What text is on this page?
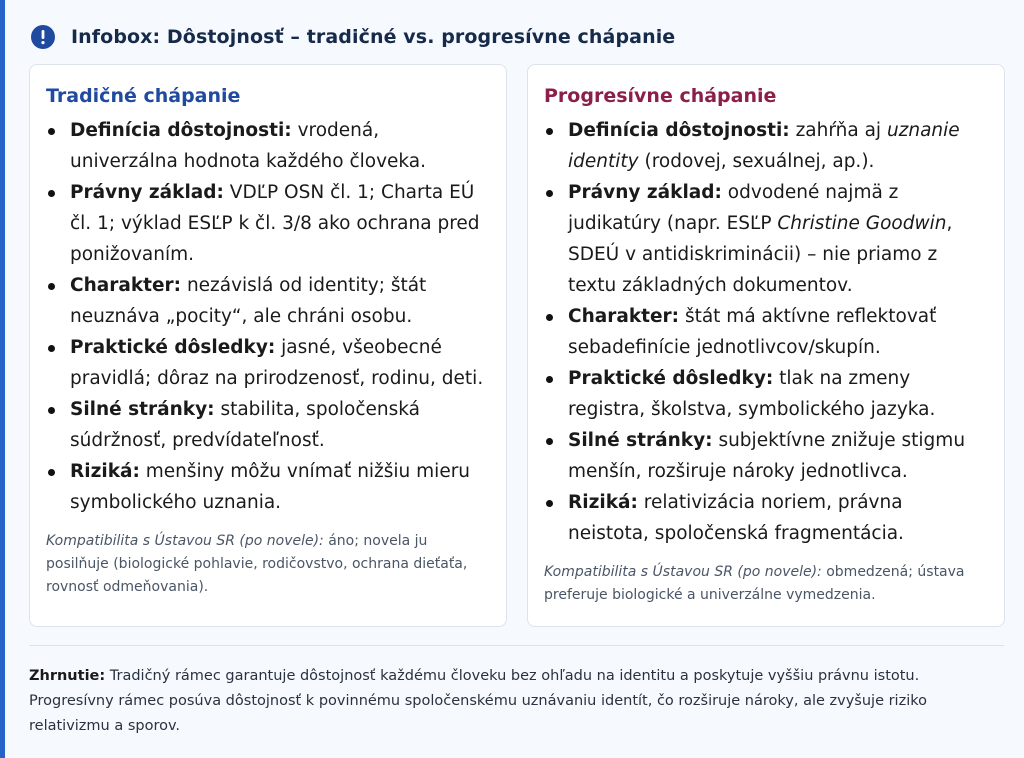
Infobox: Dôstojnosť – tradičné vs. progresívne chápanie
Tradičné chápanie
Definícia dôstojnosti: vrodená, univerzálna hodnota každého človeka.
Právny základ: VDĽP OSN čl. 1; Charta EÚ čl. 1; výklad ESĽP k čl. 3/8 ako ochrana pred ponižovaním.
Charakter: nezávislá od identity; štát neuznáva „pocity“, ale chráni osobu.
Praktické dôsledky: jasné, všeobecné pravidlá; dôraz na prirodzenosť, rodinu, deti.
Silné stránky: stabilita, spoločenská súdržnosť, predvídateľnosť.
Riziká: menšiny môžu vnímať nižšiu mieru symbolického uznania.

Kompatibilita s Ústavou SR (po novele): áno; novela ju posilňuje (biologické pohlavie, rodičovstvo, ochrana dieťaťa, rovnosť odmeňovania).

Progresívne chápanie
Definícia dôstojnosti: zahŕňa aj uznanie identity (rodovej, sexuálnej, ap.).
Právny základ: odvodené najmä z judikatúry (napr. ESĽP Christine Goodwin, SDEÚ v antidiskriminácii) – nie priamo z textu základných dokumentov.
Charakter: štát má aktívne reflektovať sebadefinície jednotlivcov/skupín.
Praktické dôsledky: tlak na zmeny registra, školstva, symbolického jazyka.
Silné stránky: subjektívne znižuje stigmu menšín, rozširuje nároky jednotlivca.
Riziká: relativizácia noriem, právna neistota, spoločenská fragmentácia.

Kompatibilita s Ústavou SR (po novele): obmedzená; ústava preferuje biologické a univerzálne vymedzenia.

Zhrnutie: Tradičný rámec garantuje dôstojnosť každému človeku bez ohľadu na identitu a poskytuje vyššiu právnu istotu. Progresívny rámec posúva dôstojnosť k povinnému spoločenskému uznávaniu identít, čo rozširuje nároky, ale zvyšuje riziko relativizmu a sporov.
